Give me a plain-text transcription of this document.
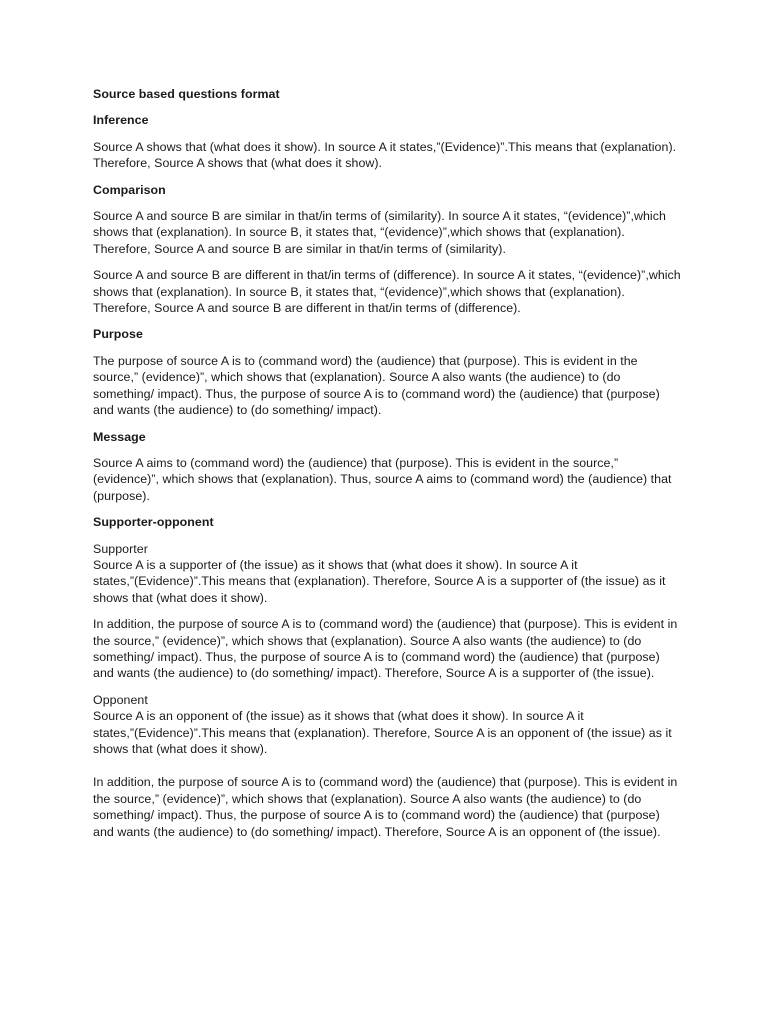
Source based questions format

Inference

Source A shows that (what does it show). In source A it states,”(Evidence)”.This means that (explanation). Therefore, Source A shows that (what does it show).

Comparison

Source A and source B are similar in that/in terms of (similarity). In source A it states, “(evidence)”,which shows that (explanation). In source B, it states that, “(evidence)”,which shows that (explanation). Therefore, Source A and source B are similar in that/in terms of (similarity).

Source A and source B are different in that/in terms of (difference). In source A it states, “(evidence)”,which shows that (explanation). In source B, it states that, “(evidence)”,which shows that (explanation). Therefore, Source A and source B are different in that/in terms of (difference).

Purpose

The purpose of source A is to (command word) the (audience) that (purpose). This is evident in the source,” (evidence)”, which shows that (explanation). Source A also wants (the audience) to (do something/ impact). Thus, the purpose of source A is to (command word) the (audience) that (purpose) and wants (the audience) to (do something/ impact).

Message

Source A aims to (command word) the (audience) that (purpose). This is evident in the source,” (evidence)”, which shows that (explanation). Thus, source A aims to (command word) the (audience) that (purpose).

Supporter-opponent

Supporter

Source A is a supporter of (the issue) as it shows that (what does it show). In source A it states,”(Evidence)”.This means that (explanation). Therefore, Source A is a supporter of (the issue) as it shows that (what does it show).

In addition, the purpose of source A is to (command word) the (audience) that (purpose). This is evident in the source,” (evidence)”, which shows that (explanation). Source A also wants (the audience) to (do something/ impact). Thus, the purpose of source A is to (command word) the (audience) that (purpose) and wants (the audience) to (do something/ impact). Therefore, Source A is a supporter of (the issue).

Opponent

Source A is an opponent of (the issue) as it shows that (what does it show). In source A it states,”(Evidence)”.This means that (explanation). Therefore, Source A is an opponent of (the issue) as it shows that (what does it show).

In addition, the purpose of source A is to (command word) the (audience) that (purpose). This is evident in the source,” (evidence)”, which shows that (explanation). Source A also wants (the audience) to (do something/ impact). Thus, the purpose of source A is to (command word) the (audience) that (purpose) and wants (the audience) to (do something/ impact). Therefore, Source A is an opponent of (the issue).
